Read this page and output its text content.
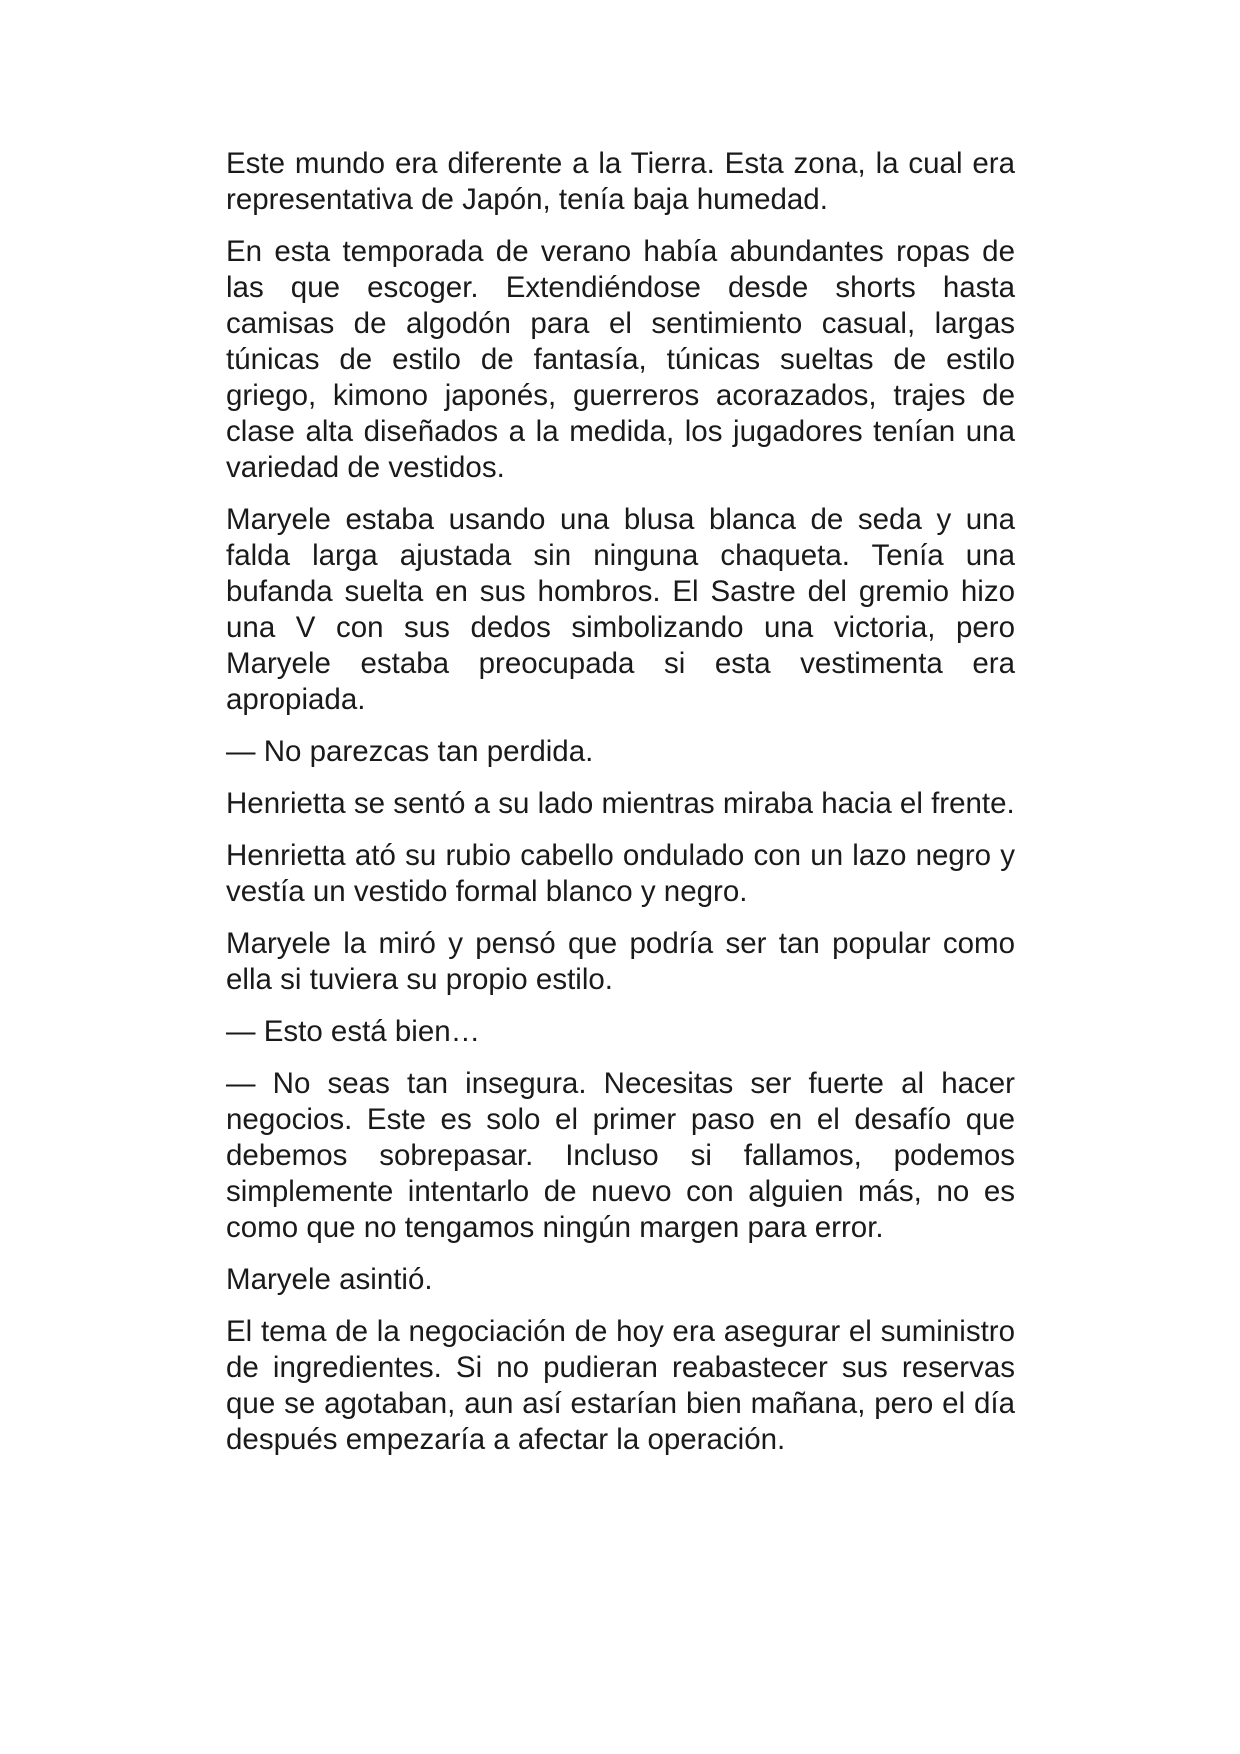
Este mundo era diferente a la Tierra. Esta zona, la cual era representativa de Japón, tenía baja humedad.

En esta temporada de verano había abundantes ropas de las que escoger. Extendiéndose desde shorts hasta camisas de algodón para el sentimiento casual, largas túnicas de estilo de fantasía, túnicas sueltas de estilo griego, kimono japonés, guerreros acorazados, trajes de clase alta diseñados a la medida, los jugadores tenían una variedad de vestidos.

Maryele estaba usando una blusa blanca de seda y una falda larga ajustada sin ninguna chaqueta. Tenía una bufanda suelta en sus hombros. El Sastre del gremio hizo una V con sus dedos simbolizando una victoria, pero Maryele estaba preocupada si esta vestimenta era apropiada.

— No parezcas tan perdida.

Henrietta se sentó a su lado mientras miraba hacia el frente.

Henrietta ató su rubio cabello ondulado con un lazo negro y vestía un vestido formal blanco y negro.

Maryele la miró y pensó que podría ser tan popular como ella si tuviera su propio estilo.

— Esto está bien…

— No seas tan insegura. Necesitas ser fuerte al hacer negocios. Este es solo el primer paso en el desafío que debemos sobrepasar. Incluso si fallamos, podemos simplemente intentarlo de nuevo con alguien más, no es como que no tengamos ningún margen para error.

Maryele asintió.

El tema de la negociación de hoy era asegurar el suministro de ingredientes. Si no pudieran reabastecer sus reservas que se agotaban, aun así estarían bien mañana, pero el día después empezaría a afectar la operación.
